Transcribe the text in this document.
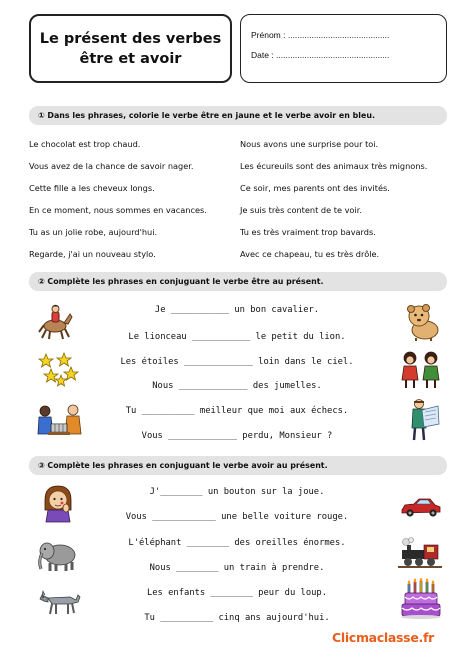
Le présent des verbes
être et avoir
Prénom : ...........................................
Date : ................................................
① Dans les phrases, colorie le verbe être en jaune et le verbe avoir en bleu.
Le chocolat est trop chaud.
Vous avez de la chance de savoir nager.
Cette fille a les cheveux longs.
En ce moment, nous sommes en vacances.
Tu as un jolie robe, aujourd'hui.
Regarde, j'ai un nouveau stylo.
Nous avons une surprise pour toi.
Les écureuils sont des animaux très mignons.
Ce soir, mes parents ont des invités.
Je suis très content de te voir.
Tu es très vraiment trop bavards.
Avec ce chapeau, tu es très drôle.
② Complète les phrases en conjuguant le verbe être au présent.
Je ___________ un bon cavalier.
Le lionceau ___________ le petit du lion.
Les étoiles _____________ loin dans le ciel.
Nous _____________ des jumelles.
Tu __________ meilleur que moi aux échecs.
Vous _____________ perdu, Monsieur ?
③ Complète les phrases en conjuguant le verbe avoir au présent.
J'________ un bouton sur la joue.
Vous ____________ une belle voiture rouge.
L'éléphant ________ des oreilles énormes.
Nous ________ un train à prendre.
Les enfants ________ peur du loup.
Tu __________ cinq ans aujourd'hui.
Clicmaclasse.fr
